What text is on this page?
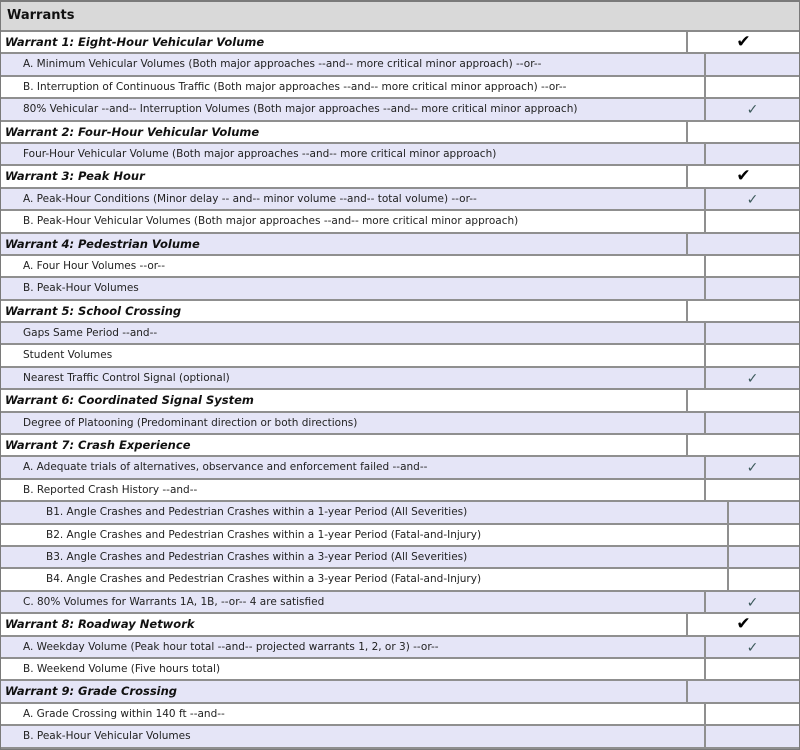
Warrants
Warrant 1: Eight-Hour Vehicular Volume	✔
A. Minimum Vehicular Volumes (Both major approaches --and-- more critical minor approach) --or--
B. Interruption of Continuous Traffic (Both major approaches --and-- more critical minor approach) --or--
80% Vehicular --and-- Interruption Volumes (Both major approaches --and-- more critical minor approach)	✓
Warrant 2: Four-Hour Vehicular Volume
Four-Hour Vehicular Volume (Both major approaches --and-- more critical minor approach)
Warrant 3: Peak Hour	✔
A. Peak-Hour Conditions (Minor delay -- and-- minor volume --and-- total volume) --or--	✓
B. Peak-Hour Vehicular Volumes (Both major approaches --and-- more critical minor approach)
Warrant 4: Pedestrian Volume
A. Four Hour Volumes --or--
B. Peak-Hour Volumes
Warrant 5: School Crossing
Gaps Same Period --and--
Student Volumes
Nearest Traffic Control Signal (optional)	✓
Warrant 6: Coordinated Signal System
Degree of Platooning (Predominant direction or both directions)
Warrant 7: Crash Experience
A. Adequate trials of alternatives, observance and enforcement failed --and--	✓
B. Reported Crash History --and--
B1. Angle Crashes and Pedestrian Crashes within a 1-year Period (All Severities)
B2. Angle Crashes and Pedestrian Crashes within a 1-year Period (Fatal-and-Injury)
B3. Angle Crashes and Pedestrian Crashes within a 3-year Period (All Severities)
B4. Angle Crashes and Pedestrian Crashes within a 3-year Period (Fatal-and-Injury)
C. 80% Volumes for Warrants 1A, 1B, --or-- 4 are satisfied	✓
Warrant 8: Roadway Network	✔
A. Weekday Volume (Peak hour total --and-- projected warrants 1, 2, or 3) --or--	✓
B. Weekend Volume (Five hours total)
Warrant 9: Grade Crossing
A. Grade Crossing within 140 ft --and--
B. Peak-Hour Vehicular Volumes
